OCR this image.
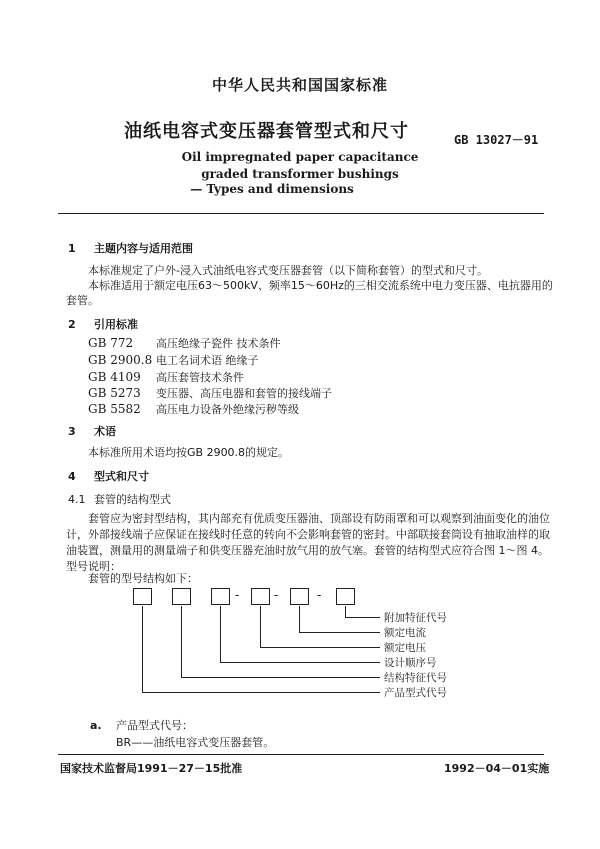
中华人民共和国国家标准
油纸电容式变压器套管型式和尺寸	GB 13027－91
Oil impregnated paper capacitance
graded transformer bushings
— Types and dimensions
1 主题内容与适用范围
本标准规定了户外-浸入式油纸电容式变压器套管（以下简称套管）的型式和尺寸。
本标准适用于额定电压63～500kV、频率15～60Hz的三相交流系统中电力变压器、电抗器用的
套管。
2 引用标准
GB 772 高压绝缘子瓷件 技术条件
GB 2900.8 电工名词术语 绝缘子
GB 4109 高压套管技术条件
GB 5273 变压器、高压电器和套管的接线端子
GB 5582 高压电力设备外绝缘污秽等级
3 术语
本标准所用术语均按GB 2900.8的规定。
4 型式和尺寸
4.1 套管的结构型式
套管应为密封型结构，其内部充有优质变压器油、顶部设有防雨罩和可以观察到油面变化的油位
计，外部接线端子应保证在接线时任意的转向不会影响套管的密封。中部联接套筒设有抽取油样的取
油装置，测量用的测量端子和供变压器充油时放气用的放气塞。套管的结构型式应符合图 1～图 4。
型号说明：
套管的型号结构如下：
-	-	-
附加特征代号
额定电流
额定电压
设计顺序号
结构特征代号
产品型式代号
a. 产品型式代号：
BR——油纸电容式变压器套管。
国家技术监督局1991－27－15批准	1992－04－01实施
